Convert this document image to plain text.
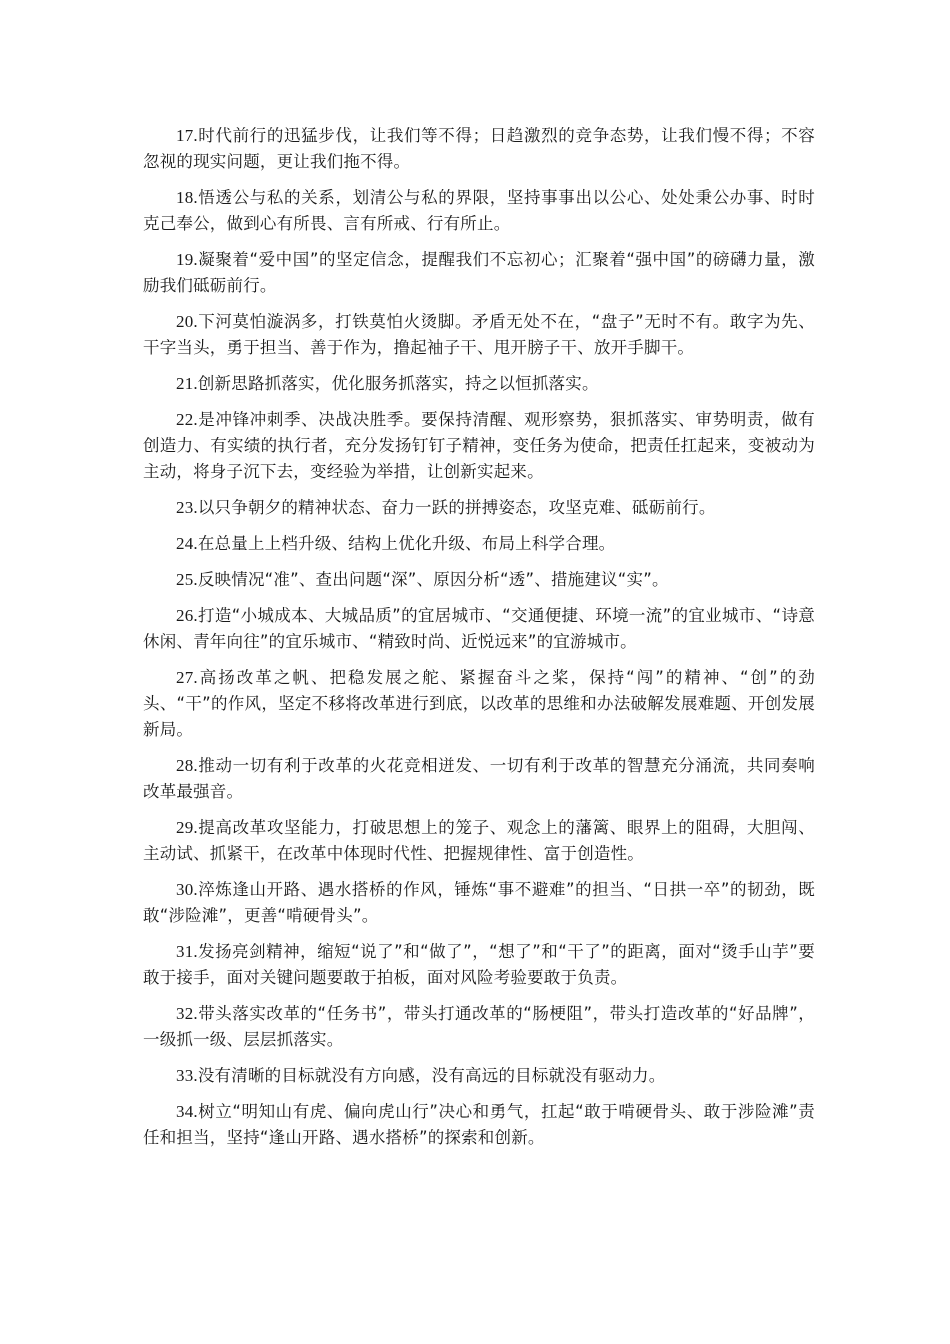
17.时代前行的迅猛步伐，让我们等不得；日趋激烈的竞争态势，让我们慢不得；不容忽视的现实问题，更让我们拖不得。

18.悟透公与私的关系，划清公与私的界限，坚持事事出以公心、处处秉公办事、时时克己奉公，做到心有所畏、言有所戒、行有所止。

19.凝聚着“爱中国”的坚定信念，提醒我们不忘初心；汇聚着“强中国”的磅礴力量，激励我们砥砺前行。

20.下河莫怕漩涡多，打铁莫怕火烫脚。矛盾无处不在，“盘子”无时不有。敢字为先、干字当头，勇于担当、善于作为，撸起袖子干、甩开膀子干、放开手脚干。

21.创新思路抓落实，优化服务抓落实，持之以恒抓落实。

22.是冲锋冲刺季、决战决胜季。要保持清醒、观形察势，狠抓落实、审势明责，做有创造力、有实绩的执行者，充分发扬钉钉子精神，变任务为使命，把责任扛起来，变被动为主动，将身子沉下去，变经验为举措，让创新实起来。

23.以只争朝夕的精神状态、奋力一跃的拼搏姿态，攻坚克难、砥砺前行。

24.在总量上上档升级、结构上优化升级、布局上科学合理。

25.反映情况“准”、查出问题“深”、原因分析“透”、措施建议“实”。

26.打造“小城成本、大城品质”的宜居城市、“交通便捷、环境一流”的宜业城市、“诗意休闲、青年向往”的宜乐城市、“精致时尚、近悦远来”的宜游城市。

27.高扬改革之帆、把稳发展之舵、紧握奋斗之桨，保持“闯”的精神、“创”的劲头、“干”的作风，坚定不移将改革进行到底，以改革的思维和办法破解发展难题、开创发展新局。

28.推动一切有利于改革的火花竞相迸发、一切有利于改革的智慧充分涌流，共同奏响改革最强音。

29.提高改革攻坚能力，打破思想上的笼子、观念上的藩篱、眼界上的阻碍，大胆闯、主动试、抓紧干，在改革中体现时代性、把握规律性、富于创造性。

30.淬炼逢山开路、遇水搭桥的作风，锤炼“事不避难”的担当、“日拱一卒”的韧劲，既敢“涉险滩”，更善“啃硬骨头”。

31.发扬亮剑精神，缩短“说了”和“做了”，“想了”和“干了”的距离，面对“烫手山芋”要敢于接手，面对关键问题要敢于拍板，面对风险考验要敢于负责。

32.带头落实改革的“任务书”，带头打通改革的“肠梗阻”，带头打造改革的“好品牌”，一级抓一级、层层抓落实。

33.没有清晰的目标就没有方向感，没有高远的目标就没有驱动力。

34.树立“明知山有虎、偏向虎山行”决心和勇气，扛起“敢于啃硬骨头、敢于涉险滩”责任和担当，坚持“逢山开路、遇水搭桥”的探索和创新。
